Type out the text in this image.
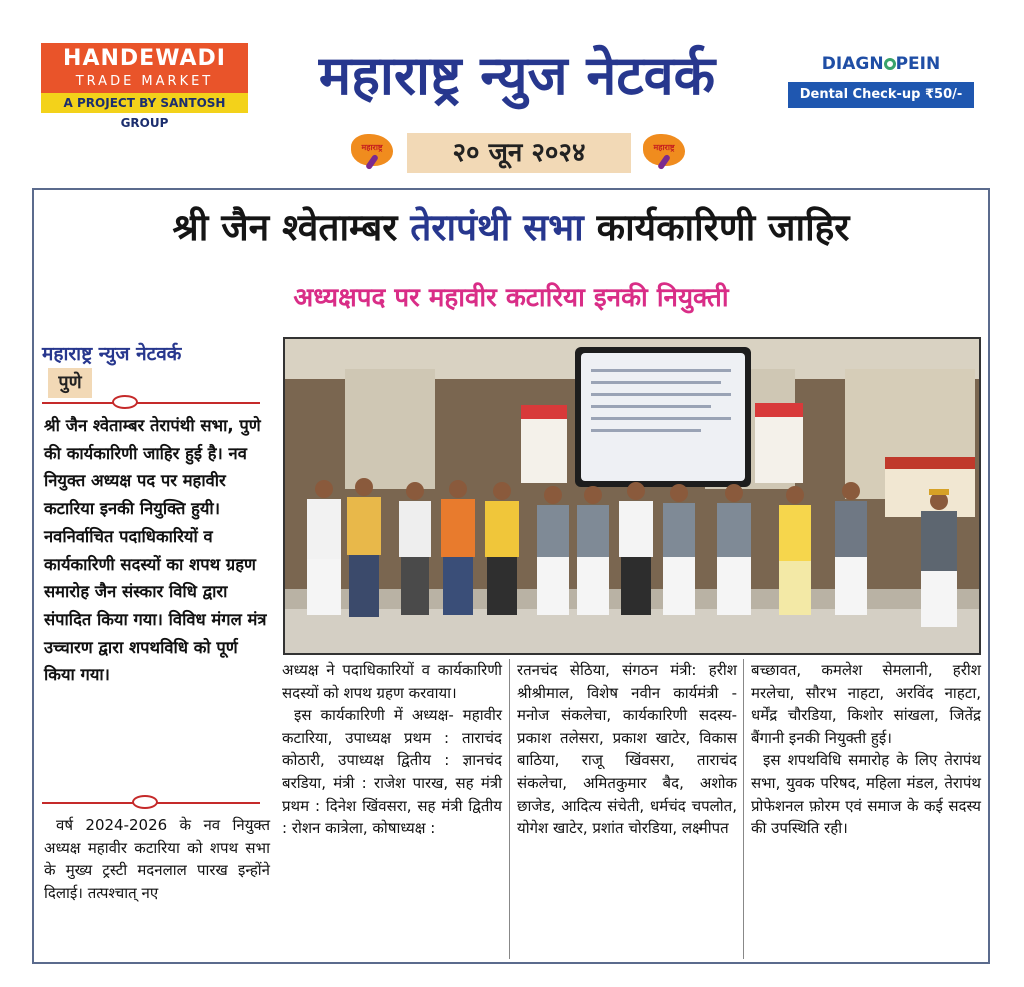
HANDEWADI
TRADE MARKET
A PROJECT BY SANTOSH GROUP
महाराष्ट्र न्युज नेटवर्क	DIAGN PEIN
Dental Check-up ₹50/-
महाराष्ट्र	२० जून २०२४	महाराष्ट्र
श्री जैन श्वेताम्बर तेरापंथी सभा कार्यकारिणी जाहिर
अध्यक्षपद पर महावीर कटारिया इनकी नियुक्ती
महाराष्ट्र न्युज नेटवर्क
पुणे
श्री जैन श्वेताम्बर तेरापंथी सभा, पुणे की कार्यकारिणी जाहिर हुई है। नव नियुक्त अध्यक्ष पद पर महावीर कटारिया इनकी नियुक्ति हुयी। नवनिर्वाचित पदाधिकारियों व कार्यकारिणी सदस्यों का शपथ ग्रहण समारोह जैन संस्कार विधि द्वारा संपादित किया गया। विविध मंगल मंत्र उच्चारण द्वारा शपथविधि को पूर्ण किया गया।
वर्ष 2024-2026 के नव नियुक्त अध्यक्ष महावीर कटारिया को शपथ सभा के मुख्य ट्रस्टी मदनलाल पारख इन्होंने दिलाई। तत्पश्चात् नए

अध्यक्ष ने पदाधिकारियों व कार्यकारिणी सदस्यों को शपथ ग्रहण करवाया।

इस कार्यकारिणी में अध्यक्ष- महावीर कटारिया, उपाध्यक्ष प्रथम : ताराचंद कोठारी, उपाध्यक्ष द्वितीय : ज्ञानचंद बरडिया, मंत्री : राजेश पारख, सह मंत्री प्रथम : दिनेश खिंवसरा, सह मंत्री द्वितीय : रोशन कात्रेला, कोषाध्यक्ष :

रतनचंद सेठिया, संगठन मंत्री: हरीश श्रीश्रीमाल, विशेष नवीन कार्यमंत्री - मनोज संकलेचा, कार्यकारिणी सदस्य- प्रकाश तलेसरा, प्रकाश खाटेर, विकास बाठिया, राजू खिंवसरा, ताराचंद संकलेचा, अमितकुमार बैद, अशोक छाजेड, आदित्य संचेती, धर्मचंद चपलोत, योगेश खाटेर, प्रशांत चोरडिया, लक्ष्मीपत

बच्छावत, कमलेश सेमलानी, हरीश मरलेचा, सौरभ नाहटा, अरविंद नाहटा, धर्मेंद्र चौरडिया, किशोर सांखला, जितेंद्र बैंगानी इनकी नियुक्ती हुई।

इस शपथविधि समारोह के लिए तेरापंथ सभा, युवक परिषद, महिला मंडल, तेरापंथ प्रोफेशनल फ़ोरम एवं समाज के कई सदस्य की उपस्थिति रही।
